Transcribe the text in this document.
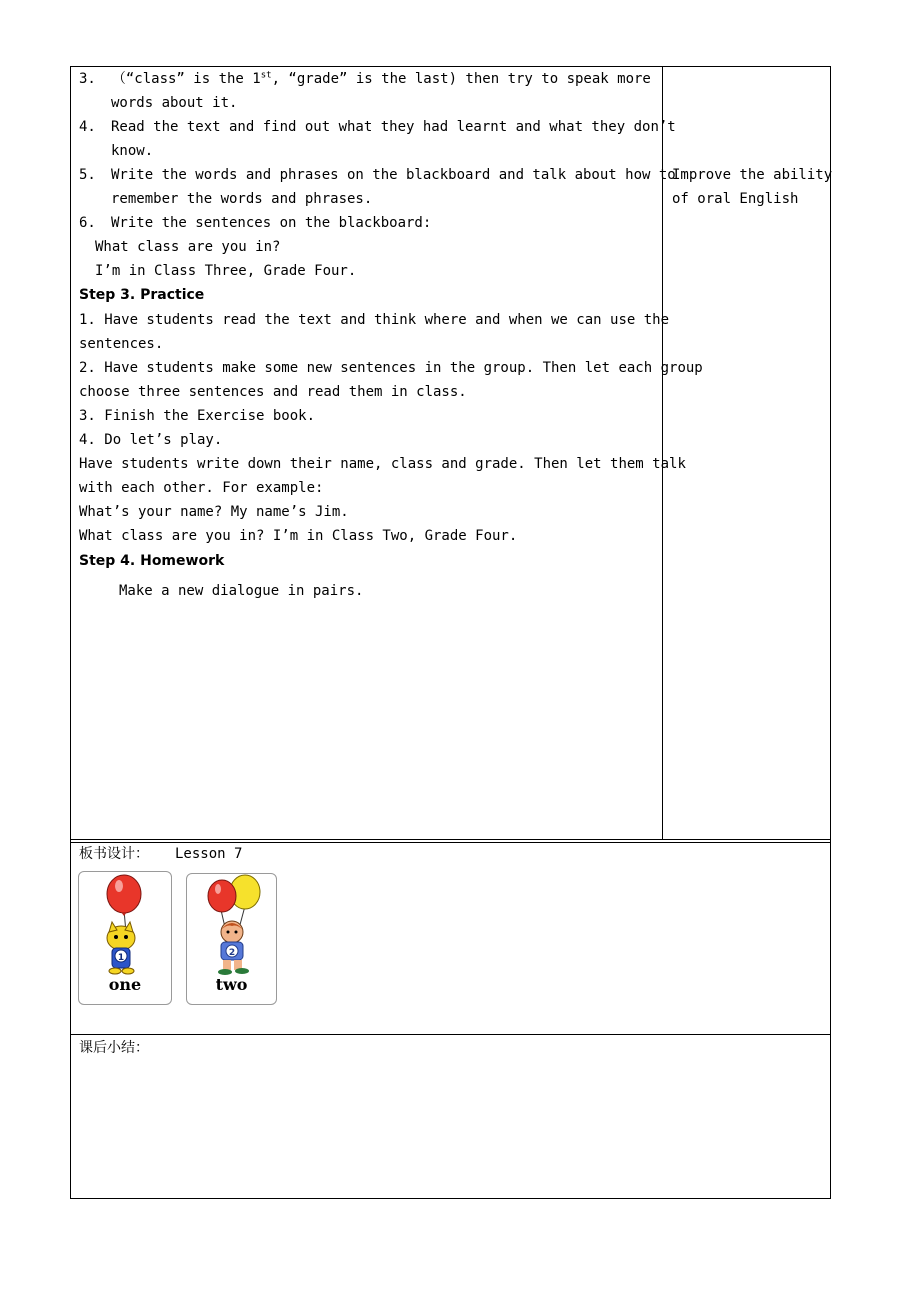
3. （“class” is the 1st, “grade” is the last) then try to speak more
words about it.
4. Read the text and find out what they had learnt and what they don’t
know.
5. Write the words and phrases on the blackboard and talk about how to
remember the words and phrases.
6. Write the sentences on the blackboard:
What class are you in?
I’m in Class Three, Grade Four.
Step 3. Practice
1. Have students read the text and think where and when we can use the
sentences.
2. Have students make some new sentences in the group. Then let each group
choose three sentences and read them in class.
3. Finish the Exercise book.
4. Do let’s play.
Have students write down their name, class and grade. Then let them talk
with each other. For example:
What’s your name? My name’s Jim.
What class are you in? I’m in Class Two, Grade Four.
Step 4. Homework
Make a new dialogue in pairs.
Improve the ability
of oral English
板书设计： Lesson 7
1
one
2
two
课后小结：
